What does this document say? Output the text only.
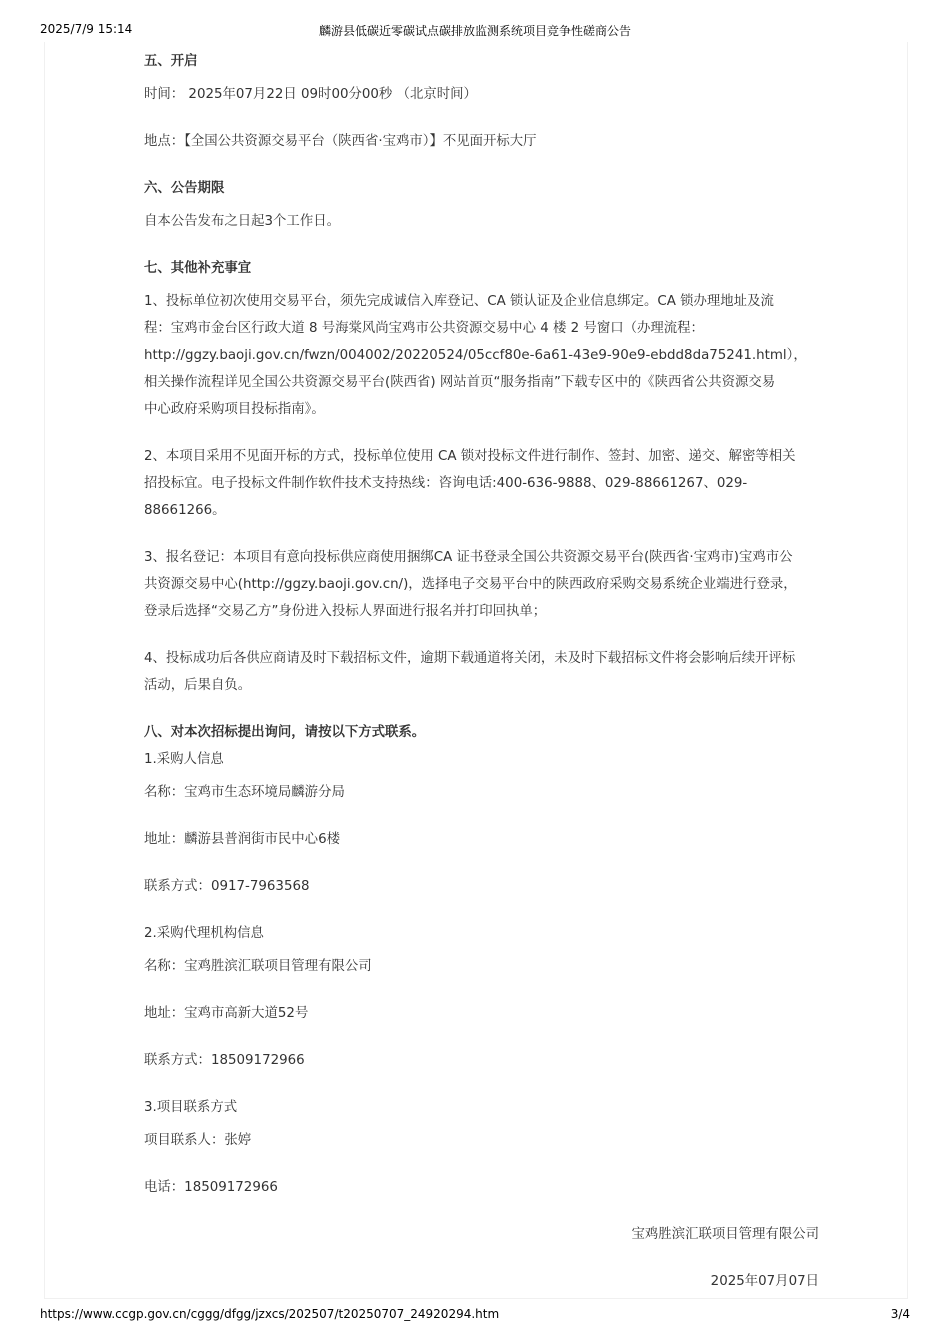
2025/7/9 15:14	麟游县低碳近零碳试点碳排放监测系统项目竞争性磋商公告

五、开启

时间： 2025年07月22日 09时00分00秒 （北京时间）

地点：【全国公共资源交易平台（陕西省·宝鸡市）】不见面开标大厅

六、公告期限

自本公告发布之日起3个工作日。

七、其他补充事宜

1、投标单位初次使用交易平台，须先完成诚信入库登记、CA 锁认证及企业信息绑定。CA 锁办理地址及流

程：宝鸡市金台区行政大道 8 号海棠风尚宝鸡市公共资源交易中心 4 楼 2 号窗口（办理流程：

http://ggzy.baoji.gov.cn/fwzn/004002/20220524/05ccf80e-6a61-43e9-90e9-ebdd8da75241.html），

相关操作流程详见全国公共资源交易平台(陕西省) 网站首页“服务指南”下载专区中的《陕西省公共资源交易

中心政府采购项目投标指南》。

2、本项目采用不见面开标的方式，投标单位使用 CA 锁对投标文件进行制作、签封、加密、递交、解密等相关

招投标宜。电子投标文件制作软件技术支持热线：咨询电话:400-636-9888、029-88661267、029-

88661266。

3、报名登记：本项目有意向投标供应商使用捆绑CA 证书登录全国公共资源交易平台(陕西省·宝鸡市)宝鸡市公

共资源交易中心(http://ggzy.baoji.gov.cn/)，选择电子交易平台中的陕西政府采购交易系统企业端进行登录，

登录后选择“交易乙方”身份进入投标人界面进行报名并打印回执单；

4、投标成功后各供应商请及时下载招标文件，逾期下载通道将关闭，未及时下载招标文件将会影响后续开评标

活动，后果自负。

八、对本次招标提出询问，请按以下方式联系。

1.采购人信息

名称：宝鸡市生态环境局麟游分局

地址：麟游县普润街市民中心6楼

联系方式：0917-7963568

2.采购代理机构信息

名称：宝鸡胜滨汇联项目管理有限公司

地址：宝鸡市高新大道52号

联系方式：18509172966

3.项目联系方式

项目联系人：张婷

电话：18509172966

宝鸡胜滨汇联项目管理有限公司

2025年07月07日

https://www.ccgp.gov.cn/cggg/dfgg/jzxcs/202507/t20250707_24920294.htm	3/4
